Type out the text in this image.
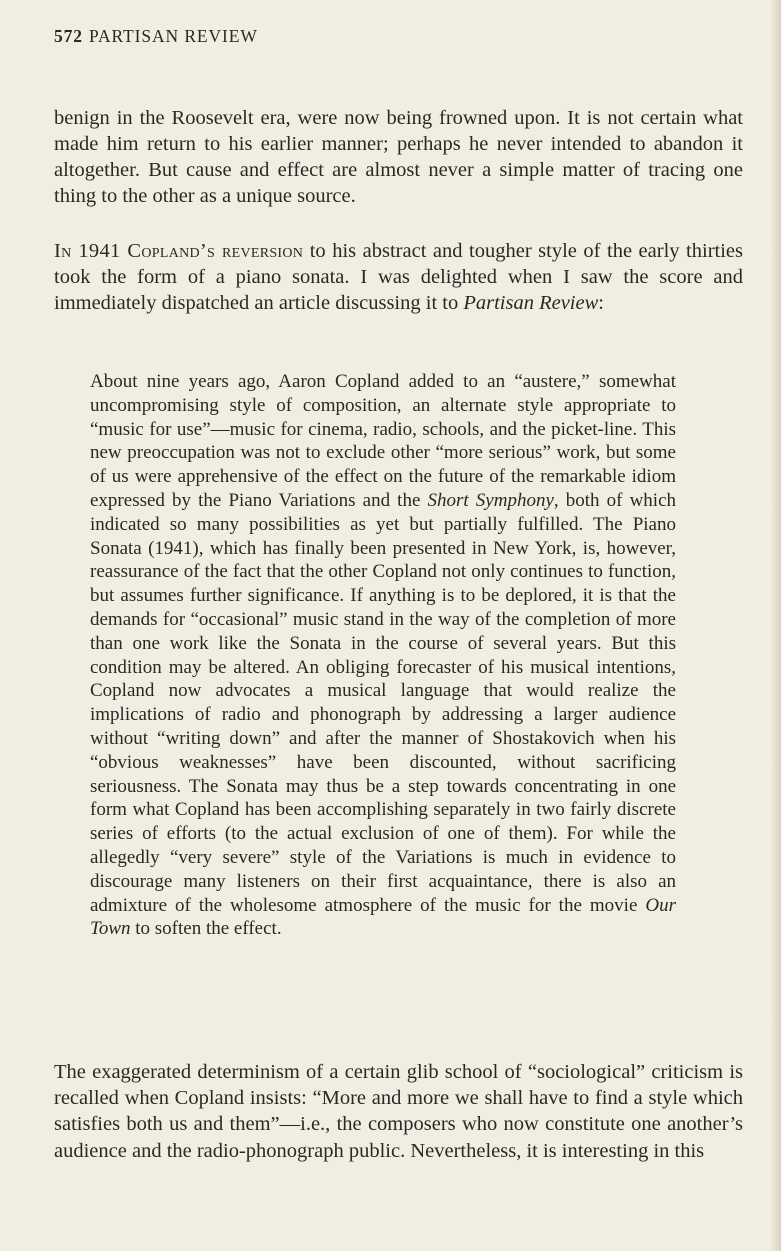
572 PARTISAN REVIEW

benign in the Roosevelt era, were now being frowned upon. It is not certain what made him return to his earlier manner; perhaps he never intended to abandon it altogether. But cause and effect are almost never a simple matter of tracing one thing to the other as a unique source.

In 1941 Copland’s reversion to his abstract and tougher style of the early thirties took the form of a piano sonata. I was delighted when I saw the score and immediately dispatched an article discussing it to Partisan Review:

About nine years ago, Aaron Copland added to an “austere,” somewhat uncompromising style of composition, an alternate style appropriate to “music for use”—music for cinema, radio, schools, and the picket-line. This new preoccupation was not to exclude other “more serious” work, but some of us were apprehensive of the effect on the future of the remarkable idiom expressed by the Piano Variations and the Short Symphony, both of which indicated so many possibilities as yet but partially fulfilled. The Piano Sonata (1941), which has finally been presented in New York, is, however, reassurance of the fact that the other Copland not only continues to function, but assumes further significance. If anything is to be deplored, it is that the demands for “occasional” music stand in the way of the completion of more than one work like the Sonata in the course of several years. But this condition may be altered. An obliging forecaster of his musical intentions, Copland now advocates a musical language that would realize the implications of radio and phonograph by addressing a larger audience without “writing down” and after the manner of Shostakovich when his “obvious weaknesses” have been discounted, without sacrificing seriousness. The Sonata may thus be a step towards concentrating in one form what Copland has been accomplishing separately in two fairly discrete series of efforts (to the actual exclusion of one of them). For while the allegedly “very severe” style of the Variations is much in evidence to discourage many listeners on their first acquaintance, there is also an admixture of the wholesome atmosphere of the music for the movie Our Town to soften the effect.

The exaggerated determinism of a certain glib school of “sociological” criticism is recalled when Copland insists: “More and more we shall have to find a style which satisfies both us and them”—i.e., the composers who now constitute one another’s audience and the radio-phonograph public. Nevertheless, it is interesting in this
